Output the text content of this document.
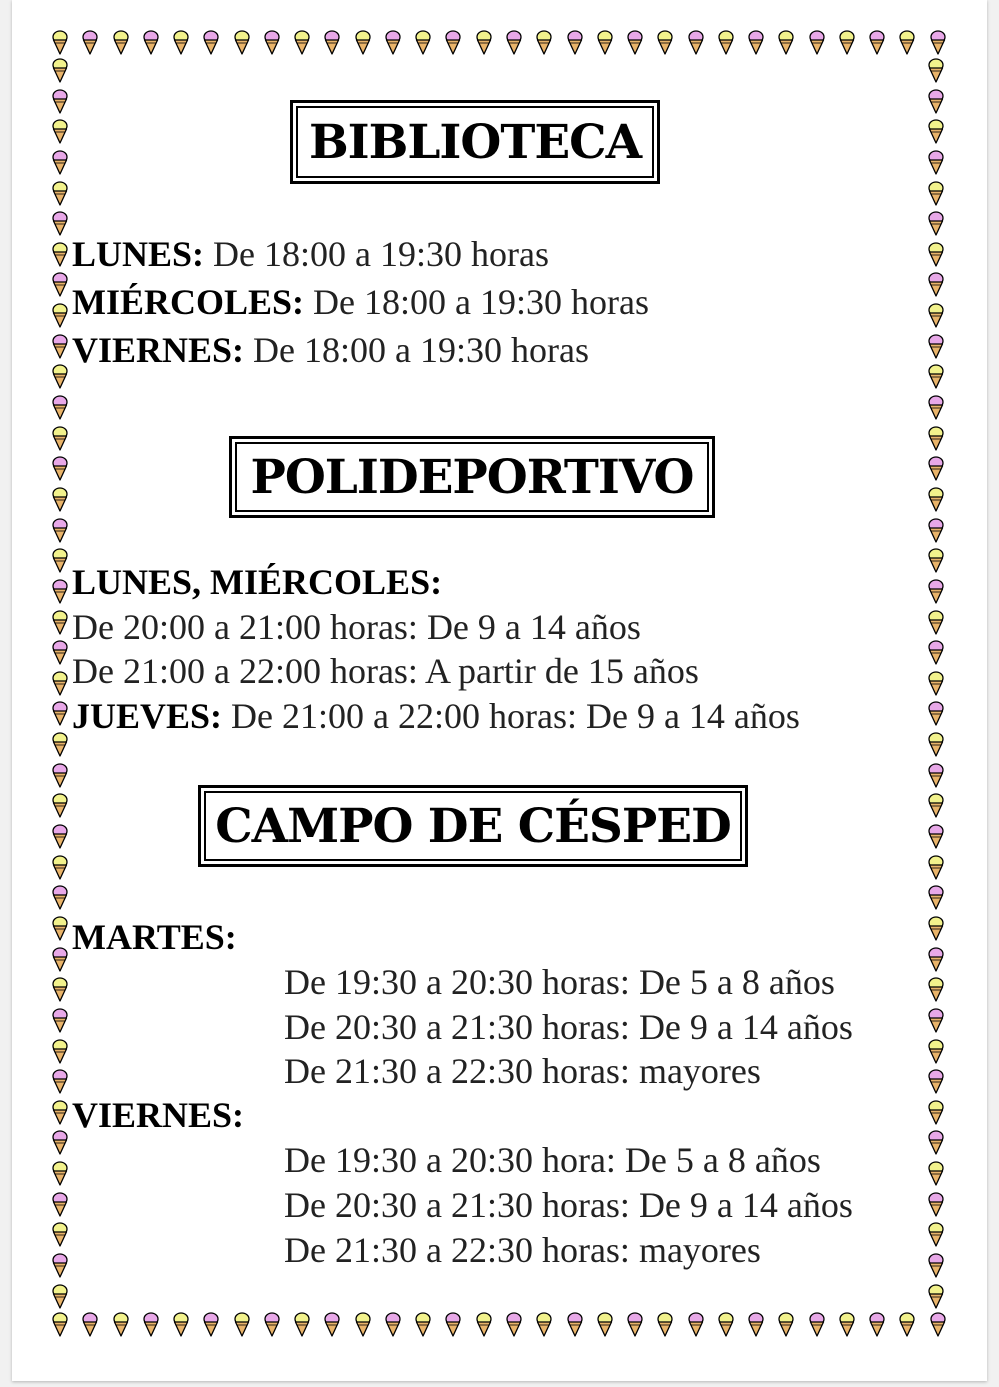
BIBLIOTECA
LUNES: De 18:00 a 19:30 horas
MIÉRCOLES: De 18:00 a 19:30 horas
VIERNES: De 18:00 a 19:30 horas
POLIDEPORTIVO
LUNES, MIÉRCOLES:
De 20:00 a 21:00 horas: De 9 a 14 años
De 21:00 a 22:00 horas: A partir de 15 años
JUEVES: De 21:00 a 22:00 horas: De 9 a 14 años
CAMPO DE CÉSPED
MARTES:
De 19:30 a 20:30 horas: De 5 a 8 años
De 20:30 a 21:30 horas: De 9 a 14 años
De 21:30 a 22:30 horas: mayores
VIERNES:
De 19:30 a 20:30 hora: De 5 a 8 años
De 20:30 a 21:30 horas: De 9 a 14 años
De 21:30 a 22:30 horas: mayores
